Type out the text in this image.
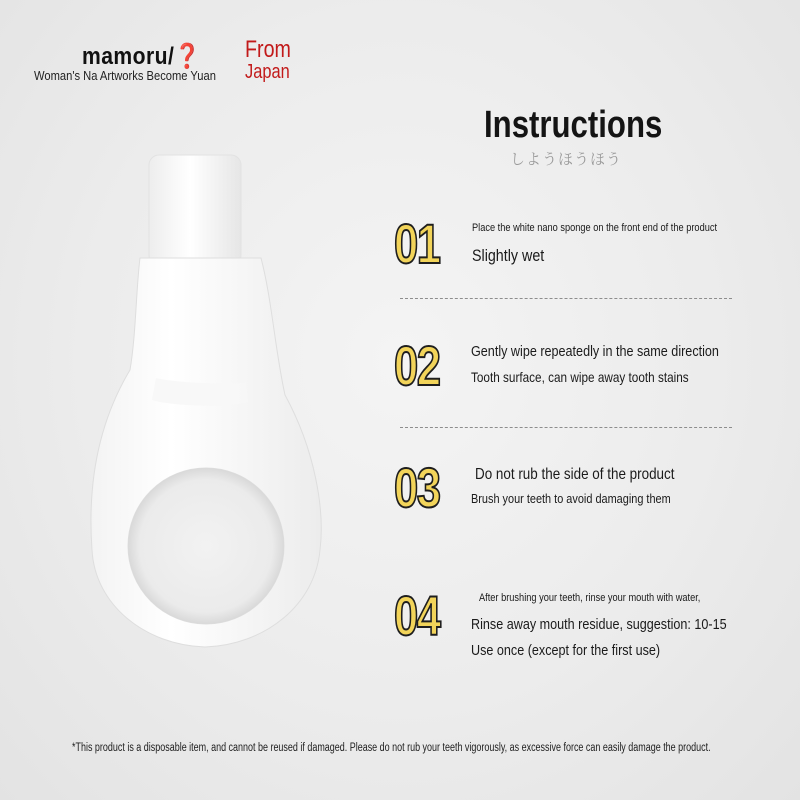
mamoru/❓
Woman's Na Artworks Become Yuan
From
Japan
Instructions
しようほうほう
01	Place the white nano sponge on the front end of the product
Slightly wet
02 Gently wipe repeatedly in the same direction
Tooth surface, can wipe away tooth stains
03 Do not rub the side of the product
Brush your teeth to avoid damaging them
04	After brushing your teeth, rinse your mouth with water,
Rinse away mouth residue, suggestion: 10-15
Use once (except for the first use)
*This product is a disposable item, and cannot be reused if damaged. Please do not rub your teeth vigorously, as excessive force can easily damage the product.
